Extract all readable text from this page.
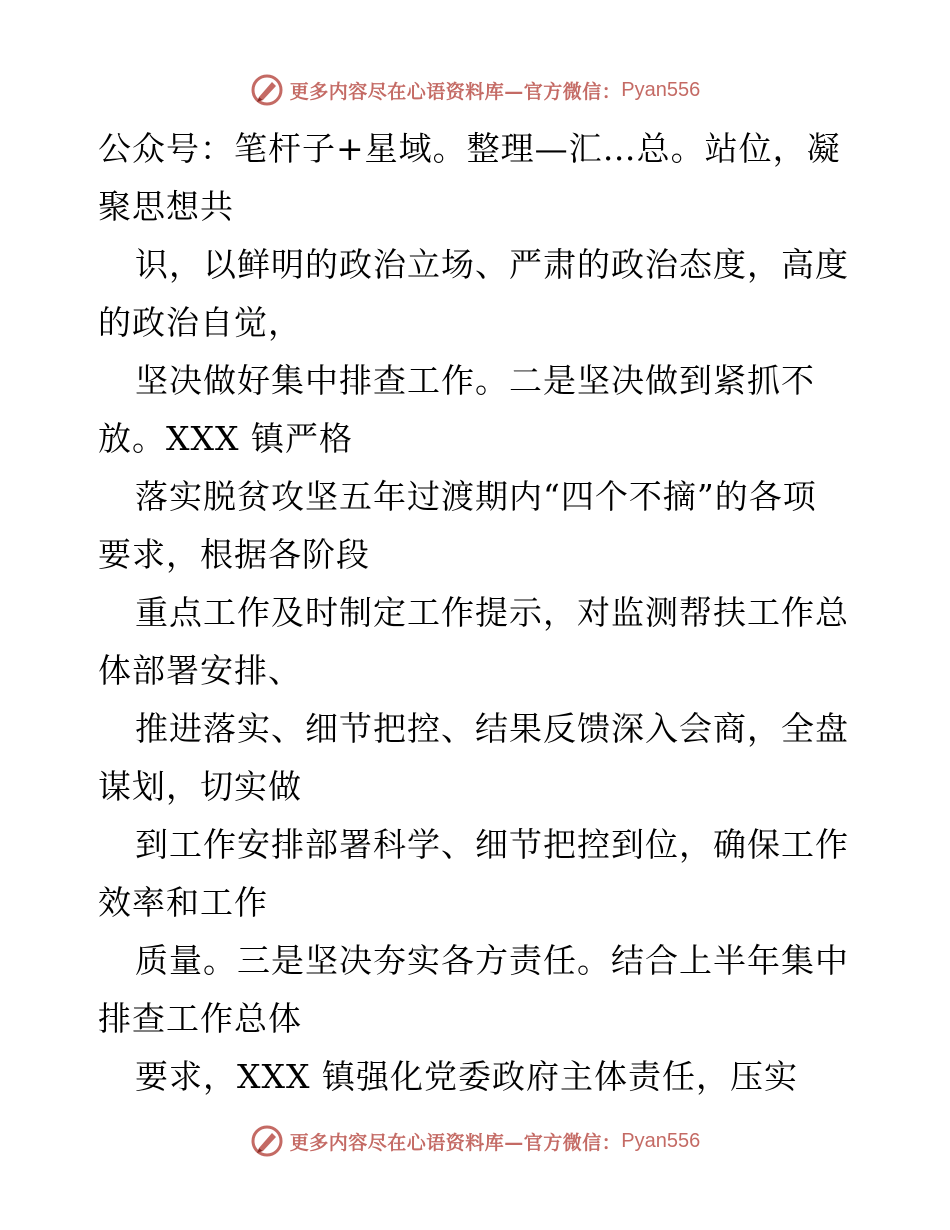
更多内容尽在心语资料库—官方微信： Pyan556
公众号：笔杆子+星域。整理—汇…总。站位，凝
聚思想共
识，以鲜明的政治立场、严肃的政治态度，高度
的政治自觉，
坚决做好集中排查工作。二是坚决做到紧抓不
放。XXX 镇严格
落实脱贫攻坚五年过渡期内“四个不摘”的各项
要求，根据各阶段
重点工作及时制定工作提示，对监测帮扶工作总
体部署安排、
推进落实、细节把控、结果反馈深入会商，全盘
谋划，切实做
到工作安排部署科学、细节把控到位，确保工作
效率和工作
质量。三是坚决夯实各方责任。结合上半年集中
排查工作总体
要求，XXX 镇强化党委政府主体责任，压实
更多内容尽在心语资料库—官方微信： Pyan556
